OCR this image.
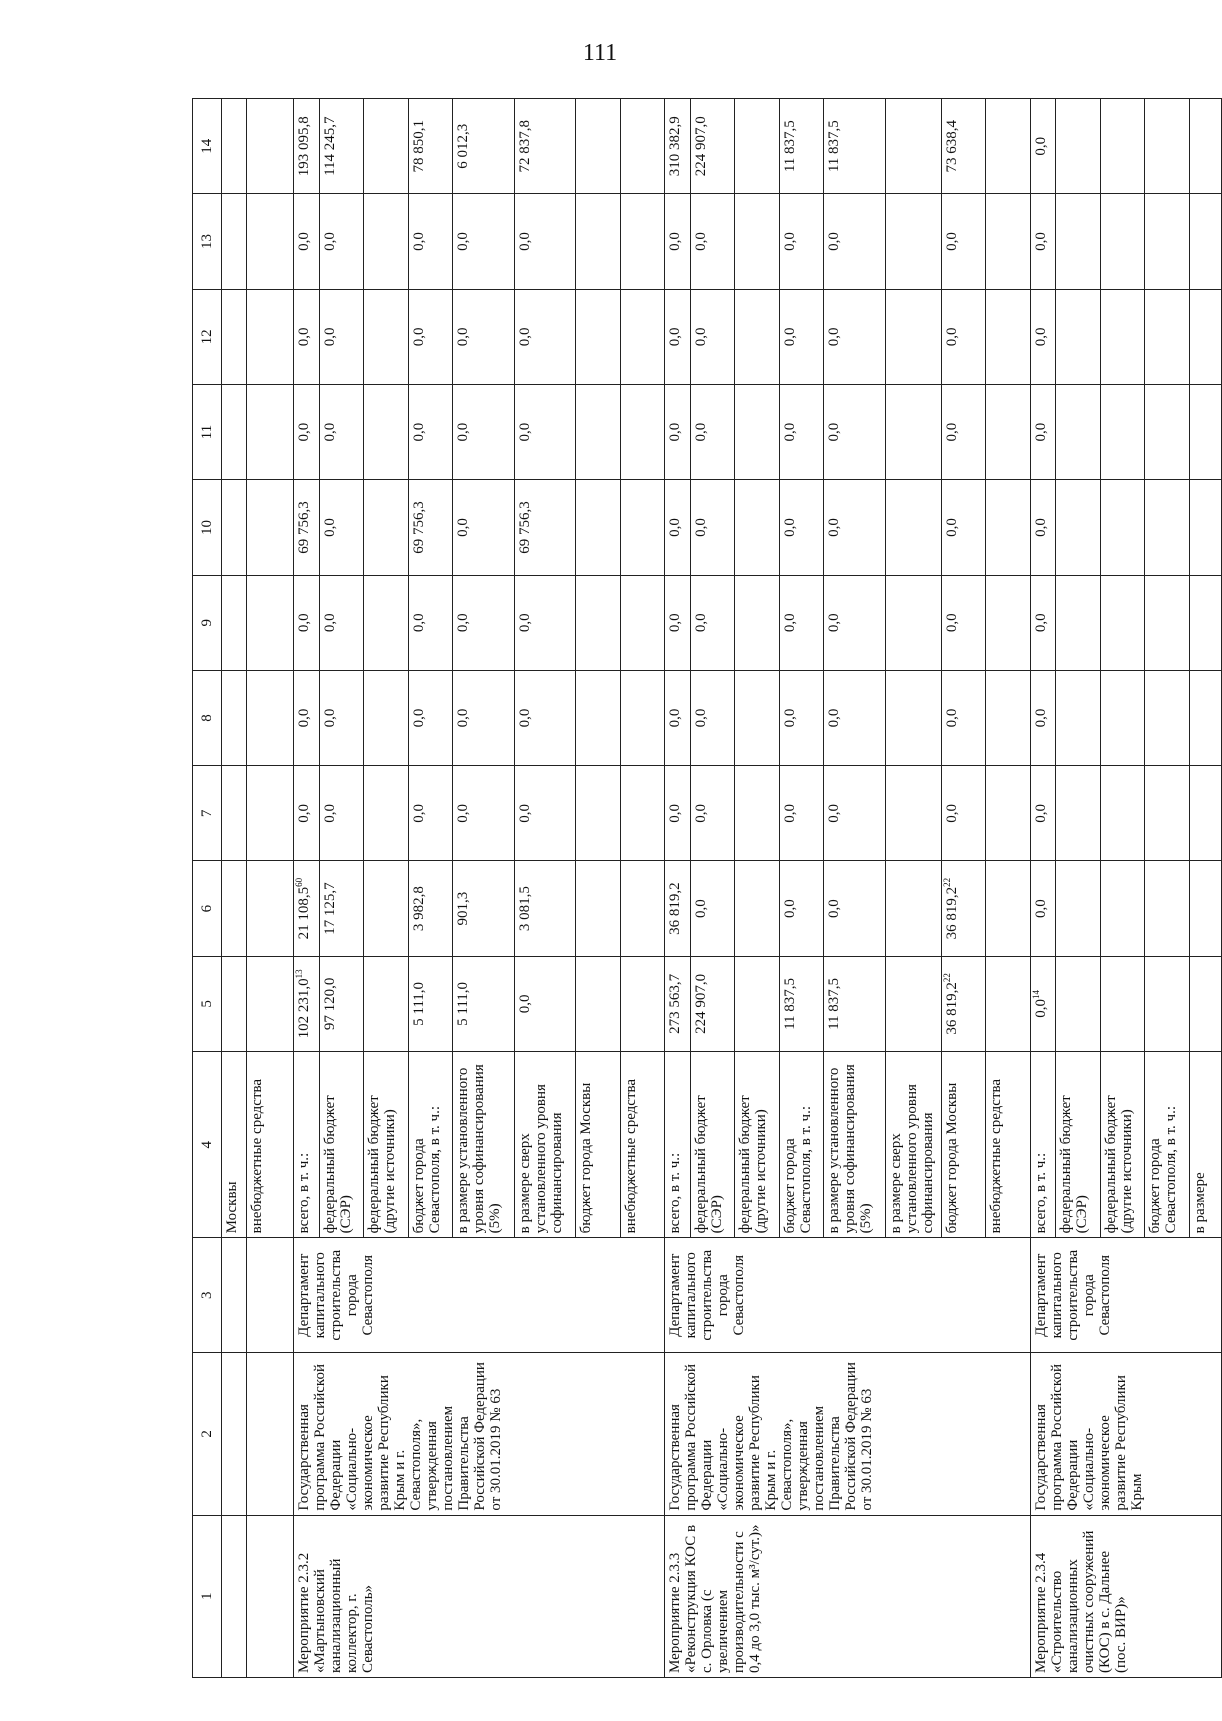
111
1	2	3	4	5	6	7	8	9	10	11	12	13	14
			Москвы										
			внебюджетные средства										
Мероприятие 2.3.2 «Мартыновский канализационный коллектор, г. Севастополь»	Государственная программа Российской Федерации «Социально-экономическое развитие Республики Крым и г. Севастополя», утвержденная постановлением Правительства Российской Федерации от 30.01.2019 № 63	Департамент капитального строительства города Севастополя	всего, в т. ч.:	102 231,0$^{13}$	21 108,5$^{60}$	0,0	0,0	0,0	69 756,3	0,0	0,0	0,0	193 095,8
			федеральный бюджет (СЭР)	97 120,0	17 125,7	0,0	0,0	0,0	0,0	0,0	0,0	0,0	114 245,7
			федеральный бюджет (другие источники)										
			бюджет города Севастополя, в т. ч.:	5 111,0	3 982,8	0,0	0,0	0,0	69 756,3	0,0	0,0	0,0	78 850,1
			в размере установленного уровня софинансирования (5%)	5 111,0	901,3	0,0	0,0	0,0	0,0	0,0	0,0	0,0	6 012,3
			в размере сверх установленного уровня софинансирования	0,0	3 081,5	0,0	0,0	0,0	69 756,3	0,0	0,0	0,0	72 837,8
			бюджет города Москвы										
			внебюджетные средства										
Мероприятие 2.3.3 «Реконструкция КОС в с. Орловка (с увеличением производительности с 0,4 до 3,0 тыс. м³/сут.)»	Государственная программа Российской Федерации «Социально-экономическое развитие Республики Крым и г. Севастополя», утвержденная постановлением Правительства Российской Федерации от 30.01.2019 № 63	Департамент капитального строительства города Севастополя	всего, в т. ч.:	273 563,7	36 819,2	0,0	0,0	0,0	0,0	0,0	0,0	0,0	310 382,9
			федеральный бюджет (СЭР)	224 907,0	0,0	0,0	0,0	0,0	0,0	0,0	0,0	0,0	224 907,0
			федеральный бюджет (другие источники)										
			бюджет города Севастополя, в т. ч.:	11 837,5	0,0	0,0	0,0	0,0	0,0	0,0	0,0	0,0	11 837,5
			в размере установленного уровня софинансирования (5%)	11 837,5	0,0	0,0	0,0	0,0	0,0	0,0	0,0	0,0	11 837,5
			в размере сверх установленного уровня софинансирования										
			бюджет города Москвы	36 819,2$^{22}$	36 819,2$^{22}$	0,0	0,0	0,0	0,0	0,0	0,0	0,0	73 638,4
			внебюджетные средства										
Мероприятие 2.3.4 «Строительство канализационных очистных сооружений (КОС) в с. Дальнее (пос. ВИР)»	Государственная программа Российской Федерации «Социально-экономическое развитие Республики Крым	Департамент капитального строительства города Севастополя	всего, в т. ч.:	$0,0^{14}$	0,0	0,0	0,0	0,0	0,0	0,0	0,0	0,0	0,0
			федеральный бюджет (СЭР)										
			федеральный бюджет (другие источники)										
			бюджет города Севастополя, в т. ч.:										
			в размере										
